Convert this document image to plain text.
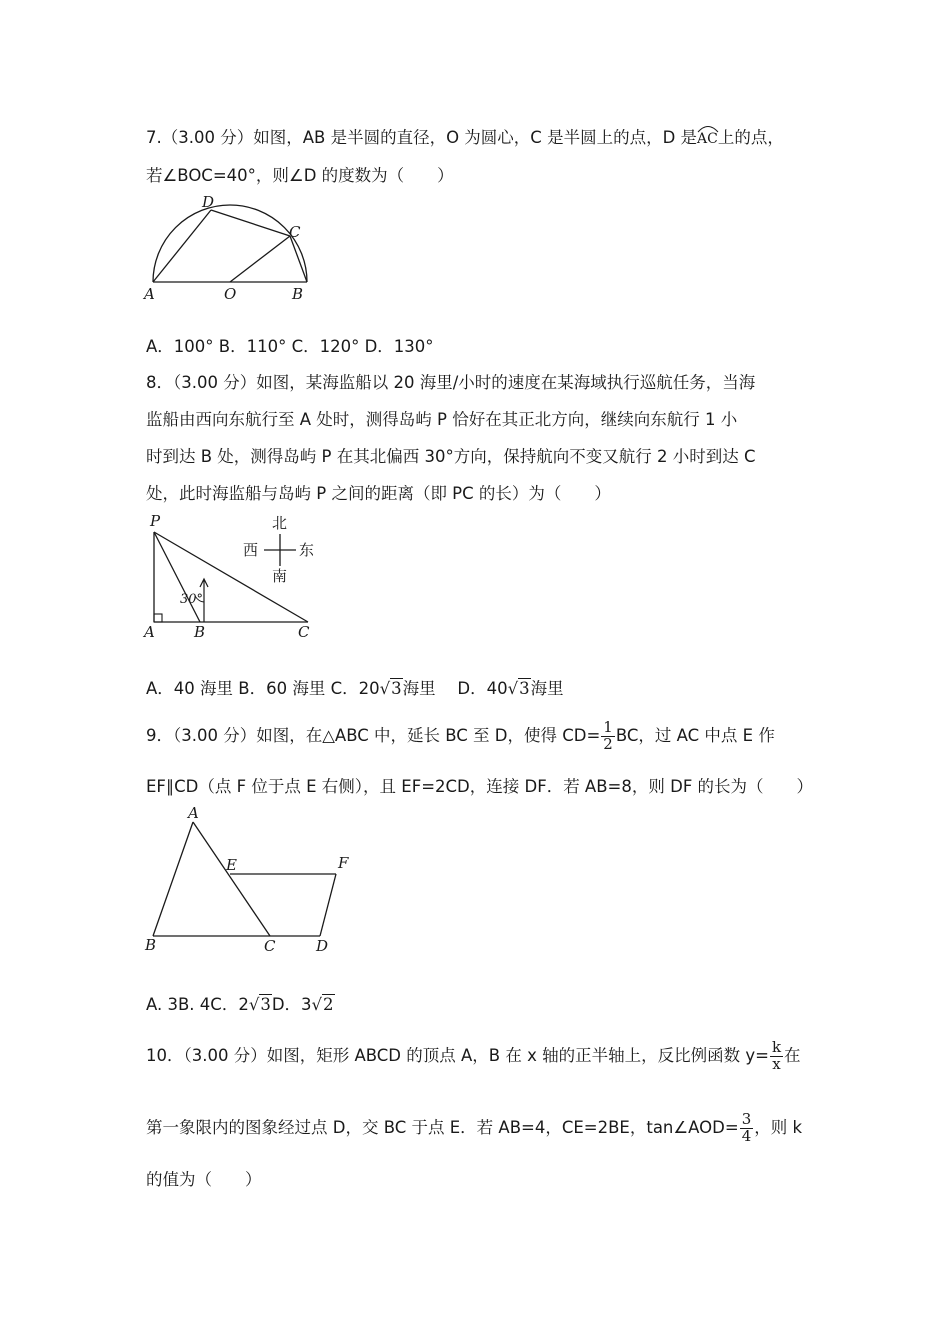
7.（3.00 分）如图，AB 是半圆的直径，O 为圆心，C 是半圆上的点，D 是
AC上的点，
若∠BOC=40°，则∠D 的度数为（　　）
A	O	B
C
D
A．100° B．110° C．120° D．130°
8．（3.00 分）如图，某海监船以 20 海里/小时的速度在某海域执行巡航任务，当海
监船由西向东航行至 A 处时，测得岛屿 P 恰好在其正北方向，继续向东航行 1 小
时到达 B 处，测得岛屿 P 在其北偏西 30°方向，保持航向不变又航行 2 小时到达 C
处，此时海监船与岛屿 P 之间的距离（即 PC 的长）为（　　）
30°
P
A	B	C
北
南
西	东
A．40 海里 B．60 海里 C．20√3海里　 D．40√3海里
9．（3.00 分）如图，在△ABC 中，延长 BC 至 D，使得 $CD= \frac{1}{2}$ BC，过 AC 中点 E 作
EF∥CD（点 F 位于点 E 右侧），且 EF=2CD，连接 DF．若 AB=8，则 DF 的长为（　　）
A
B	C	D
E	F
A. 3B. 4C．2√3D．3√2
10．（3.00 分）如图，矩形 ABCD 的顶点 A，B 在 x 轴的正半轴上，反比例函数 $y= \frac{k}{x}$ 在
第一象限内的图象经过点 D，交 BC 于点 E．若 AB=4，CE=2BE，tan∠AOD= $\frac{3}{4}$ ，则 k
的值为（　　）
